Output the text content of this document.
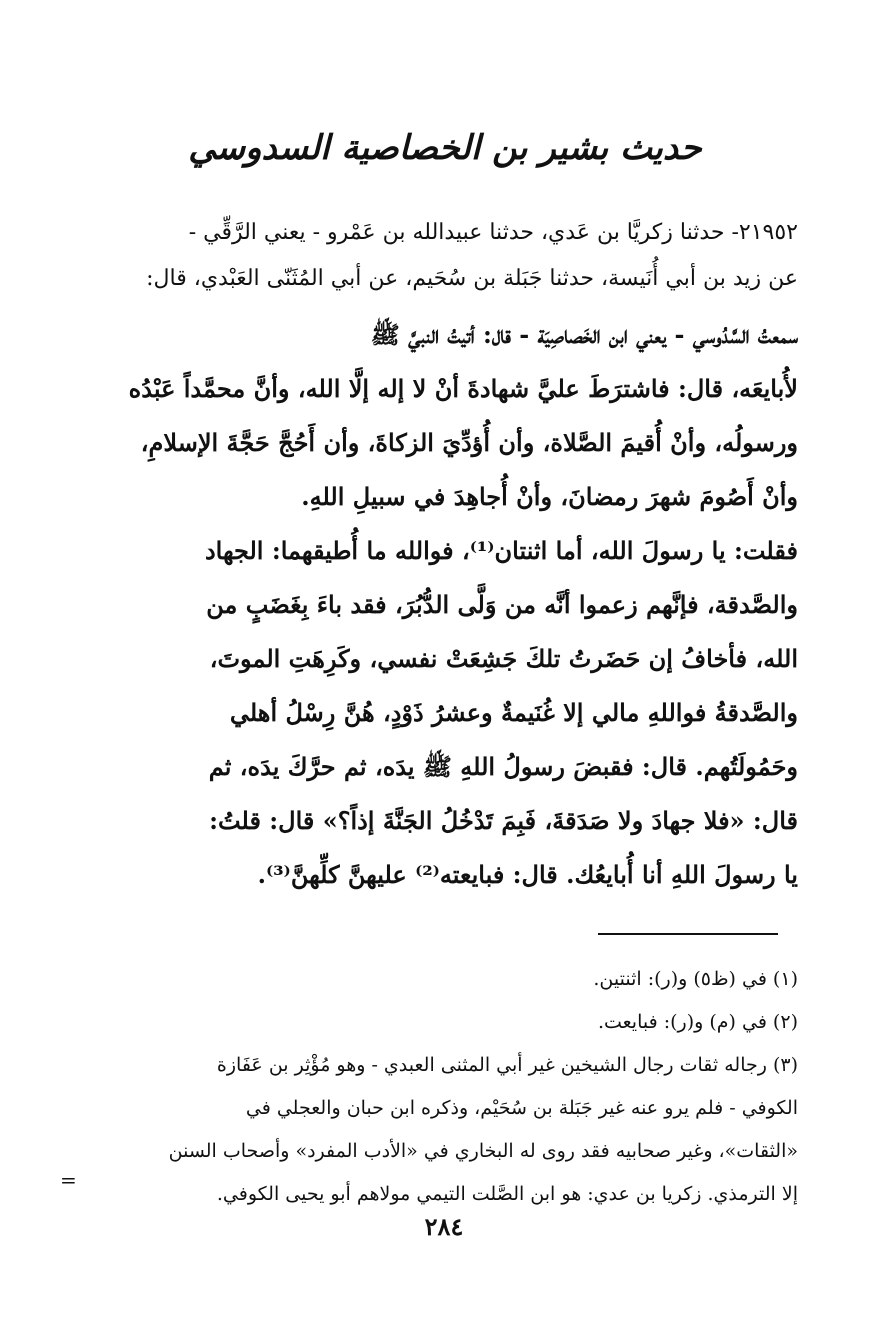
حديث بشير بن الخصاصية السدوسي
٢١٩٥٢- حدثنا زكريَّا بن عَدي، حدثنا عبيدالله بن عَمْرو - يعني الرَّقِّي -
عن زيد بن أبي أُنَيسة، حدثنا جَبَلة بن سُحَيم، عن أبي المُثَنّى العَبْدي، قال:
سمعتُ السَّدُوسي - يعني ابن الخَصاصِيَة - قال: أتيتُ النبيَّ ﷺ
لأُبايعَه، قال: فاشترَطَ عليَّ شهادةَ أنْ لا إله إلَّا الله، وأنَّ محمَّداً عَبْدُه
ورسولُه، وأنْ أُقيمَ الصَّلاة، وأن أُؤدِّيَ الزكاةَ، وأن أَحُجَّ حَجَّةَ الإسلامِ،
وأنْ أَصُومَ شهرَ رمضانَ، وأنْ أُجاهِدَ في سبيلِ اللهِ.
فقلت: يا رسولَ الله، أما اثنتان⁽¹⁾، فوالله ما أُطيقهما: الجهاد
والصَّدقة، فإنَّهم زعموا أنَّه من وَلَّى الدُّبُرَ، فقد باءَ بِغَضَبٍ من
الله، فأخافُ إن حَضَرتُ تلكَ جَشِعَتْ نفسي، وكَرِهَتِ الموتَ،
والصَّدقةُ فواللهِ مالي إلا غُنَيمةٌ وعشرُ ذَوْدٍ، هُنَّ رِسْلُ أهلي
وحَمُولَتُهم. قال: فقبضَ رسولُ اللهِ ﷺ يدَه، ثم حرَّكَ يدَه، ثم
قال: «فلا جهادَ ولا صَدَقةَ، فَبِمَ تَدْخُلُ الجَنَّةَ إذاً؟» قال: قلتُ:
يا رسولَ اللهِ أنا أُبايعُك. قال: فبايعته⁽²⁾ عليهنَّ كلِّهنَّ⁽³⁾.
(١) في (ظ٥) و(ر): اثنتين.
(٢) في (م) و(ر): فبايعت.
(٣) رجاله ثقات رجال الشيخين غير أبي المثنى العبدي - وهو مُؤْثِر بن عَفَازة
الكوفي - فلم يرو عنه غير جَبَلة بن سُحَيْم، وذكره ابن حبان والعجلي في
«الثقات»، وغير صحابيه فقد روى له البخاري في «الأدب المفرد» وأصحاب السنن
إلا الترمذي. زكريا بن عدي: هو ابن الصَّلت التيمي مولاهم أبو يحيى الكوفي.
=
٢٨٤
